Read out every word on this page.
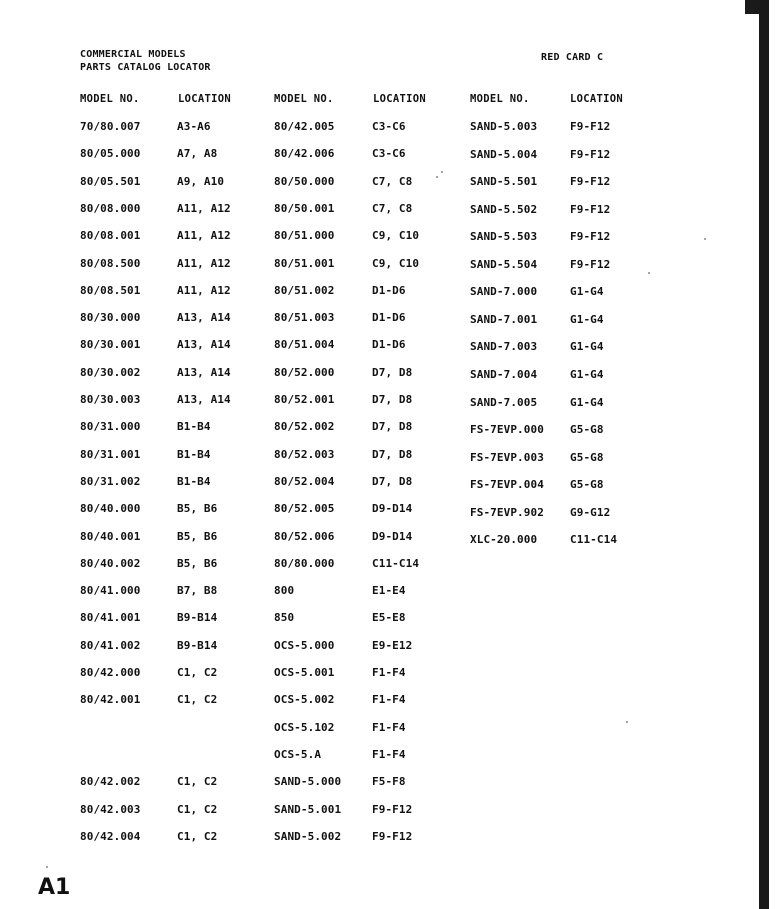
COMMERCIAL MODELS
PARTS CATALOG LOCATOR
RED CARD C
MODEL NO.	LOCATION	MODEL NO.	LOCATION	MODEL NO.	LOCATION
70/80.007	A3-A6
80/05.000	A7, A8
80/05.501	A9, A10
80/08.000	A11, A12
80/08.001	A11, A12
80/08.500	A11, A12
80/08.501	A11, A12
80/30.000	A13, A14
80/30.001	A13, A14
80/30.002	A13, A14
80/30.003	A13, A14
80/31.000	B1-B4
80/31.001	B1-B4
80/31.002	B1-B4
80/40.000	B5, B6
80/40.001	B5, B6
80/40.002	B5, B6
80/41.000	B7, B8
80/41.001	B9-B14
80/41.002	B9-B14
80/42.000	C1, C2
80/42.001	C1, C2
80/42.002	C1, C2
80/42.003	C1, C2
80/42.004	C1, C2
80/42.005	C3-C6
80/42.006	C3-C6
80/50.000	C7, C8
80/50.001	C7, C8
80/51.000	C9, C10
80/51.001	C9, C10
80/51.002	D1-D6
80/51.003	D1-D6
80/51.004	D1-D6
80/52.000	D7, D8
80/52.001	D7, D8
80/52.002	D7, D8
80/52.003	D7, D8
80/52.004	D7, D8
80/52.005	D9-D14
80/52.006	D9-D14
80/80.000	C11-C14
800	E1-E4
850	E5-E8
OCS-5.000	E9-E12
OCS-5.001	F1-F4
OCS-5.002	F1-F4
OCS-5.102	F1-F4
OCS-5.A	F1-F4
SAND-5.000	F5-F8
SAND-5.001	F9-F12
SAND-5.002	F9-F12
SAND-5.003	F9-F12
SAND-5.004	F9-F12
SAND-5.501	F9-F12
SAND-5.502	F9-F12
SAND-5.503	F9-F12
SAND-5.504	F9-F12
SAND-7.000	G1-G4
SAND-7.001	G1-G4
SAND-7.003	G1-G4
SAND-7.004	G1-G4
SAND-7.005	G1-G4
FS-7EVP.000 G5-G8
FS-7EVP.003 G5-G8
FS-7EVP.004 G5-G8
FS-7EVP.902 G9-G12
XLC-20.000	C11-C14
A1
